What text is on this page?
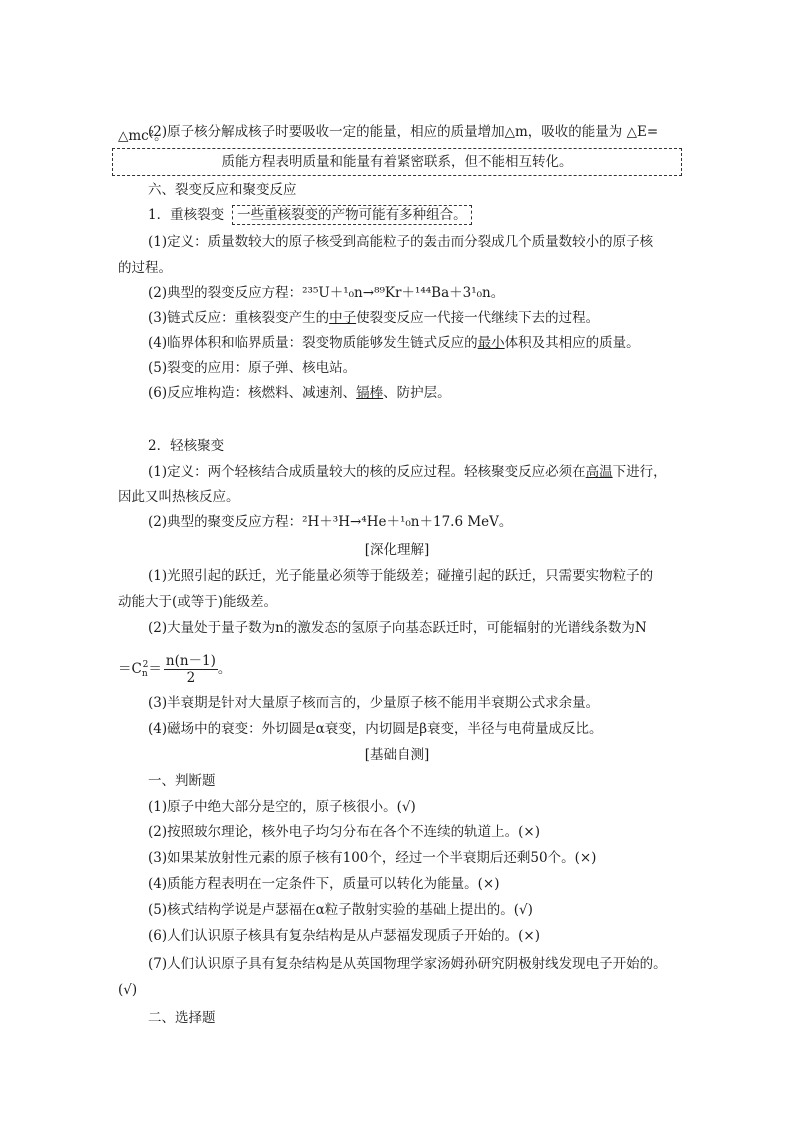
(2)原子核分解成核子时要吸收一定的能量，相应的质量增加△m，吸收的能量为 △E=
△mc²。
质能方程表明质量和能量有着紧密联系，但不能相互转化。
六、裂变反应和聚变反应
1．重核裂变 一些重核裂变的产物可能有多种组合。
(1)定义：质量数较大的原子核受到高能粒子的轰击而分裂成几个质量数较小的原子核
的过程。
(2)典型的裂变反应方程：²³⁵U＋¹₀n→⁸⁹Kr＋¹⁴⁴Ba＋3¹₀n。
(3)链式反应：重核裂变产生的中子使裂变反应一代接一代继续下去的过程。
(4)临界体积和临界质量：裂变物质能够发生链式反应的最小体积及其相应的质量。
(5)裂变的应用：原子弹、核电站。
(6)反应堆构造：核燃料、减速剂、镉棒、防护层。
2．轻核聚变
(1)定义：两个轻核结合成质量较大的核的反应过程。轻核聚变反应必须在高温下进行，
因此又叫热核反应。
(2)典型的聚变反应方程：²H＋³H→⁴He＋¹₀n＋17.6 MeV。
[深化理解]
(1)光照引起的跃迁，光子能量必须等于能级差；碰撞引起的跃迁，只需要实物粒子的
动能大于(或等于)能级差。
(2)大量处于量子数为n的激发态的氢原子向基态跃迁时，可能辐射的光谱线条数为N
$=C_n^2= \frac{n(n-1)}{2}$ 。
(3)半衰期是针对大量原子核而言的，少量原子核不能用半衰期公式求余量。
(4)磁场中的衰变：外切圆是α衰变，内切圆是β衰变，半径与电荷量成反比。
[基础自测]
一、判断题
(1)原子中绝大部分是空的，原子核很小。(√)
(2)按照玻尔理论，核外电子均匀分布在各个不连续的轨道上。(×)
(3)如果某放射性元素的原子核有100个，经过一个半衰期后还剩50个。(×)
(4)质能方程表明在一定条件下，质量可以转化为能量。(×)
(5)核式结构学说是卢瑟福在α粒子散射实验的基础上提出的。(√)
(6)人们认识原子核具有复杂结构是从卢瑟福发现质子开始的。(×)
(7)人们认识原子具有复杂结构是从英国物理学家汤姆孙研究阴极射线发现电子开始的。
(√)
二、选择题
